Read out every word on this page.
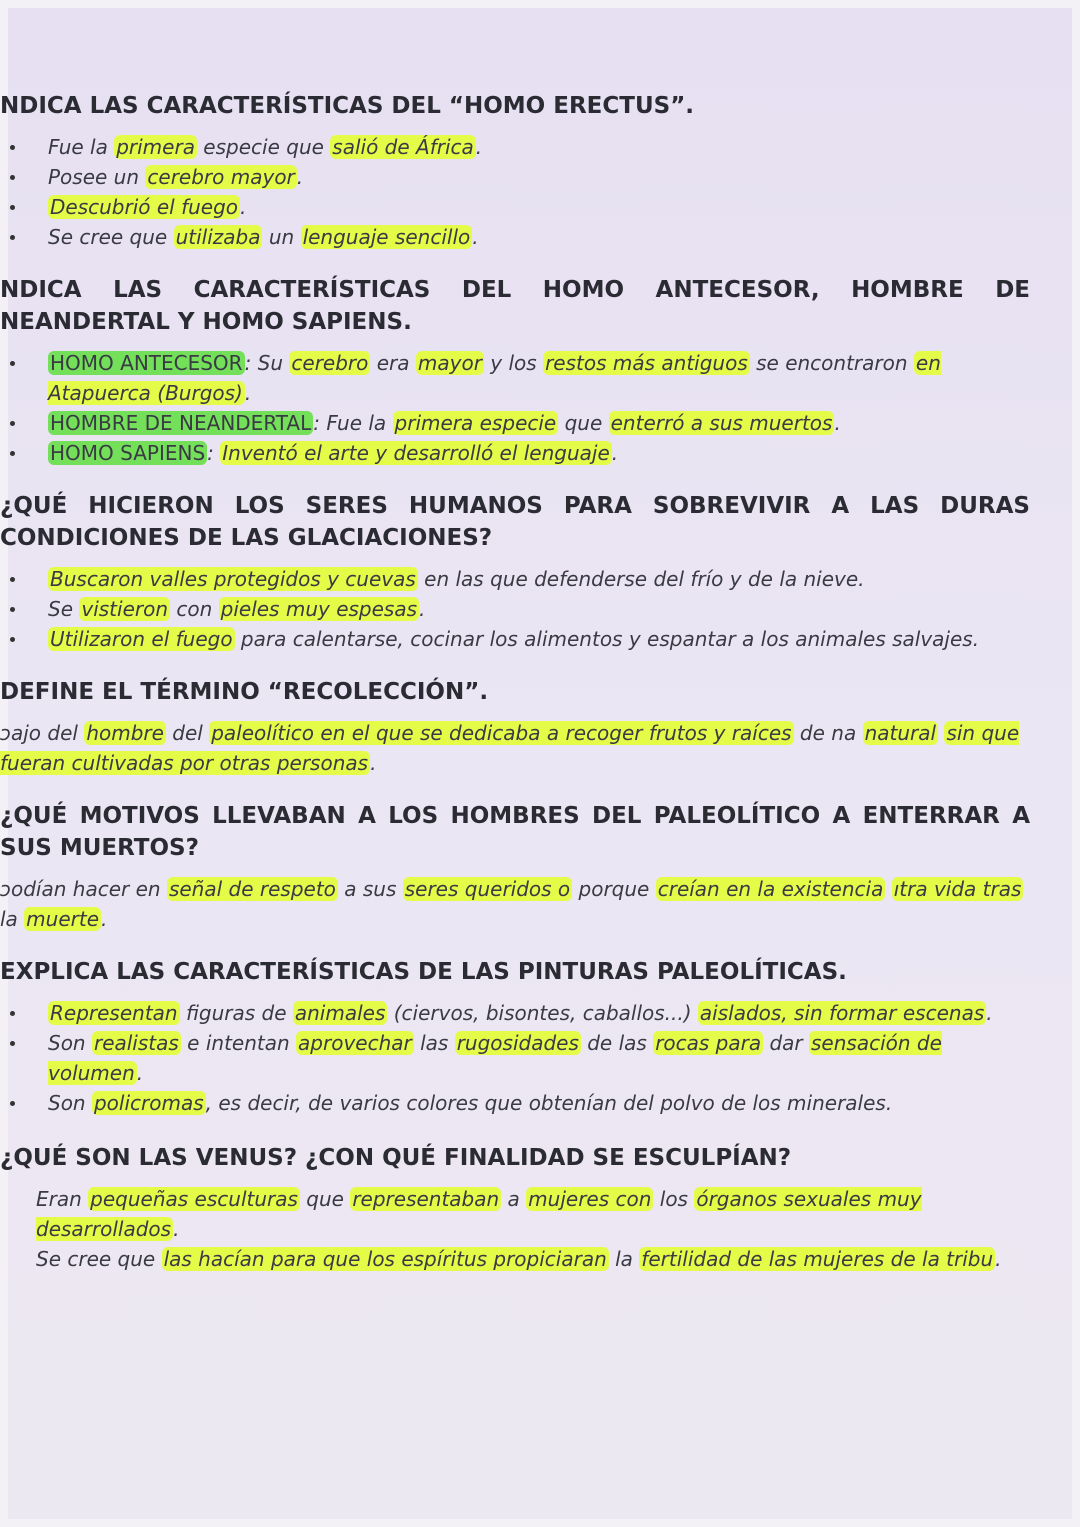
NDICA LAS CARACTERÍSTICAS DEL “HOMO ERECTUS”.
Fue la primera especie que salió de África .
Posee un cerebro mayor .
Descubrió el fuego .
Se cree que utilizaba un lenguaje sencillo .
NDICA LAS CARACTERÍSTICAS DEL HOMO ANTECESOR, HOMBRE DE NEANDERTAL Y HOMO SAPIENS.
HOMO ANTECESOR : Su cerebro era mayor y los restos más antiguos se encontraron en Atapuerca (Burgos) .
HOMBRE DE NEANDERTAL : Fue la primera especie que enterró a sus muertos .
HOMO SAPIENS : Inventó el arte y desarrolló el lenguaje .
¿QUÉ HICIERON LOS SERES HUMANOS PARA SOBREVIVIR A LAS DURAS CONDICIONES DE LAS GLACIACIONES?
Buscaron valles protegidos y cuevas en las que defenderse del frío y de la nieve.
Se vistieron con pieles muy espesas .
Utilizaron el fuego para calentarse, cocinar los alimentos y espantar a los animales salvajes.
DEFINE EL TÉRMINO “RECOLECCIÓN”.
ɔajo del hombre del paleolítico en el que se dedicaba a recoger frutos y raíces de na natural sin que fueran cultivadas por otras personas .
¿QUÉ MOTIVOS LLEVABAN A LOS HOMBRES DEL PALEOLÍTICO A ENTERRAR A SUS MUERTOS?
ɔodían hacer en señal de respeto a sus seres queridos o porque creían en la existencia ıtra vida tras la muerte .
EXPLICA LAS CARACTERÍSTICAS DE LAS PINTURAS PALEOLÍTICAS.
Representan figuras de animales (ciervos, bisontes, caballos...) aislados, sin formar escenas .
Son realistas e intentan aprovechar las rugosidades de las rocas para dar sensación de volumen .
Son policromas , es decir, de varios colores que obtenían del polvo de los minerales.
¿QUÉ SON LAS VENUS? ¿CON QUÉ FINALIDAD SE ESCULPÍAN?
Eran pequeñas esculturas que representaban a mujeres con los órganos sexuales muy desarrollados .
Se cree que las hacían para que los espíritus propiciaran la fertilidad de las mujeres de la tribu .
